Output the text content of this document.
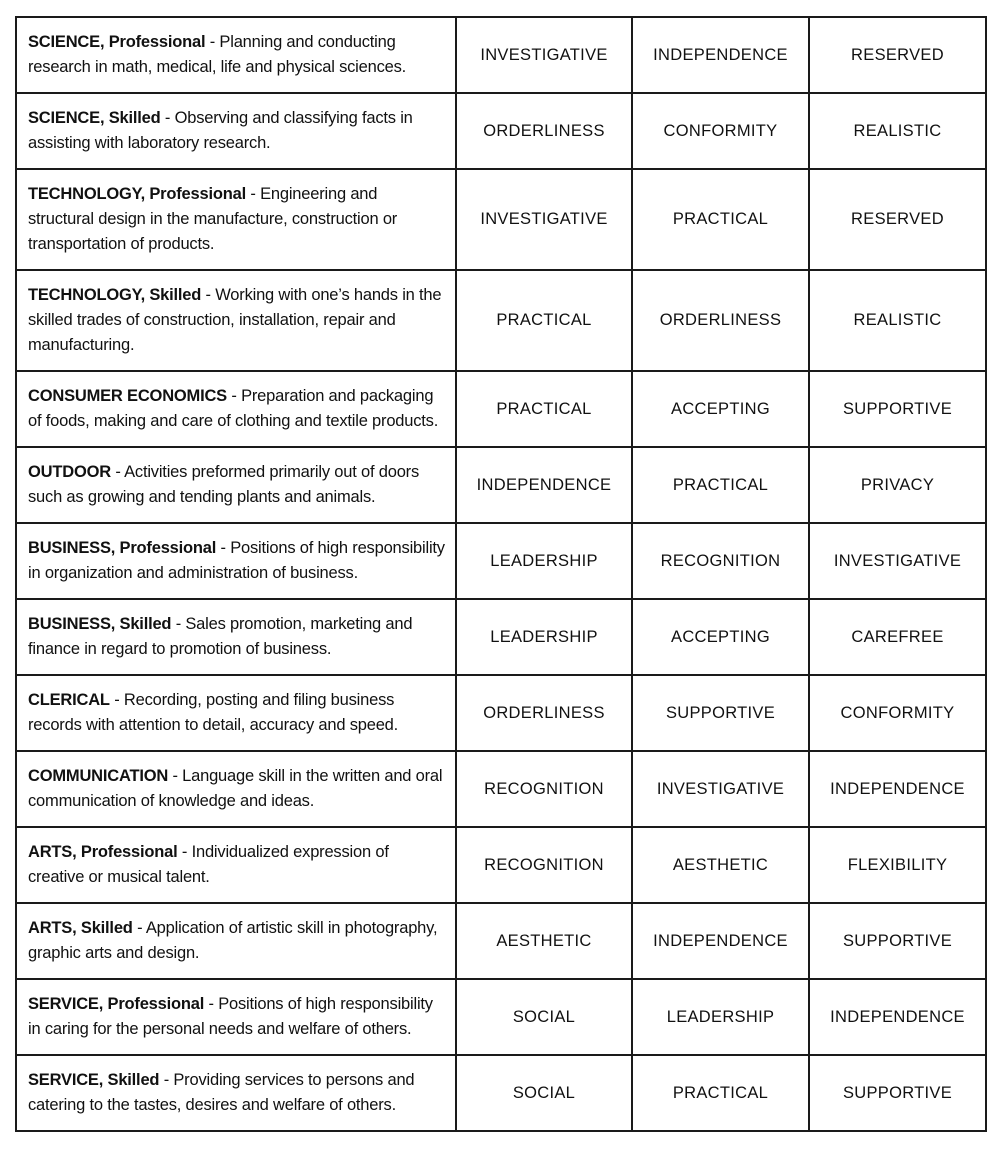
SCIENCE, Professional - Planning and conducting research in math, medical, life and physical sciences.	INVESTIGATIVE	INDEPENDENCE	RESERVED
SCIENCE, Skilled - Observing and classifying facts in assisting with laboratory research.	ORDERLINESS	CONFORMITY	REALISTIC
TECHNOLOGY, Professional - Engineering and structural design in the manufacture, construction or transportation of products.	INVESTIGATIVE	PRACTICAL	RESERVED
TECHNOLOGY, Skilled - Working with one’s hands in the skilled trades of construction, installation, repair and manufacturing.	PRACTICAL	ORDERLINESS	REALISTIC
CONSUMER ECONOMICS - Preparation and packaging of foods, making and care of clothing and textile products.	PRACTICAL	ACCEPTING	SUPPORTIVE
OUTDOOR - Activities preformed primarily out of doors such as growing and tending plants and animals.	INDEPENDENCE	PRACTICAL	PRIVACY
BUSINESS, Professional - Positions of high responsibility in organization and administration of business.	LEADERSHIP	RECOGNITION	INVESTIGATIVE
BUSINESS, Skilled - Sales promotion, marketing and finance in regard to promotion of business.	LEADERSHIP	ACCEPTING	CAREFREE
CLERICAL - Recording, posting and filing business records with attention to detail, accuracy and speed.	ORDERLINESS	SUPPORTIVE	CONFORMITY
COMMUNICATION - Language skill in the written and oral communication of knowledge and ideas.	RECOGNITION	INVESTIGATIVE	INDEPENDENCE
ARTS, Professional - Individualized expression of creative or musical talent.	RECOGNITION	AESTHETIC	FLEXIBILITY
ARTS, Skilled - Application of artistic skill in photography, graphic arts and design.	AESTHETIC	INDEPENDENCE	SUPPORTIVE
SERVICE, Professional - Positions of high responsibility in caring for the personal needs and welfare of others.	SOCIAL	LEADERSHIP	INDEPENDENCE
SERVICE, Skilled - Providing services to persons and catering to the tastes, desires and welfare of others.	SOCIAL	PRACTICAL	SUPPORTIVE
